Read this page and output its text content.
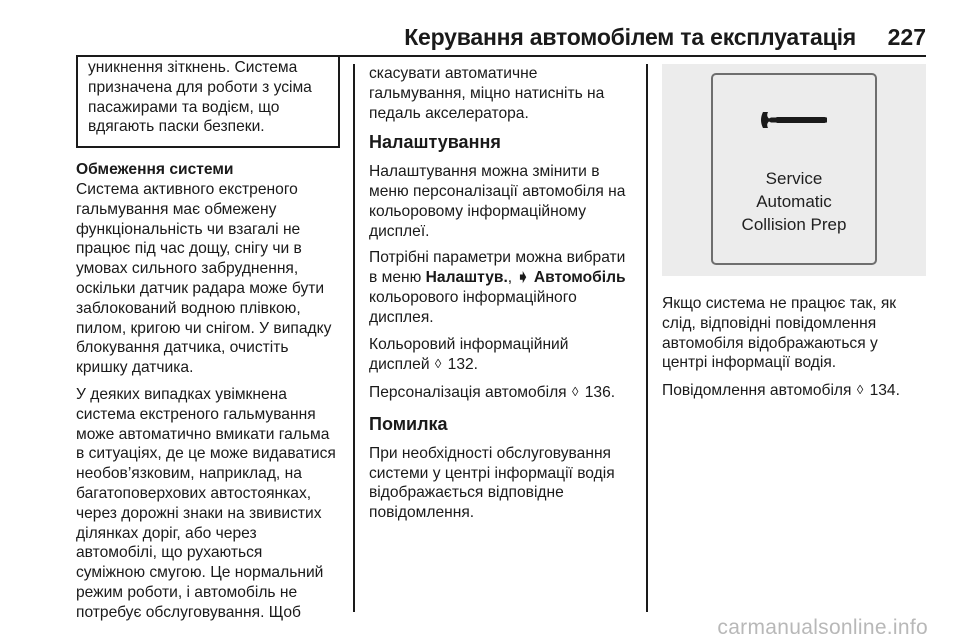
Керування автомобілем та експлуатація 227
уникнення зіткнень. Система
призначена для роботи з усіма
пасажирами та водієм, що
вдягають паски безпеки.
Обмеження системи
Система активного екстреного
гальмування має обмежену
функціональність чи взагалі не
працює під час дощу, снігу чи в
умовах сильного забруднення,
оскільки датчик радара може бути
заблокований водною плівкою,
пилом, кригою чи снігом. У випадку
блокування датчика, очистіть
кришку датчика.
У деяких випадках увімкнена
система екстреного гальмування
може автоматично вмикати гальма
в ситуаціях, де це може видаватися
необов’язковим, наприклад, на
багатоповерхових автостоянках,
через дорожні знаки на звивистих
ділянках доріг, або через
автомобілі, що рухаються
суміжною смугою. Це нормальний
режим роботи, і автомобіль не
потребує обслуговування. Щоб
скасувати автоматичне
гальмування, міцно натисніть на
педаль акселератора.
Налаштування
Налаштування можна змінити в
меню персоналізації автомобіля на
кольоровому інформаційному
дисплеї.
Потрібні параметри можна вибрати
в меню Налаштув., ➧ Автомобіль
кольорового інформаційного
дисплея.
Кольоровий інформаційний
дисплей ◊ 132.
Персоналізація автомобіля ◊ 136.
Помилка
При необхідності обслуговування
системи у центрі інформації водія
відображається відповідне
повідомлення.
Service
Automatic
Collision Prep
Якщо система не працює так, як
слід, відповідні повідомлення
автомобіля відображаються у
центрі інформації водія.
Повідомлення автомобіля ◊ 134.
carmanualsonline.info
